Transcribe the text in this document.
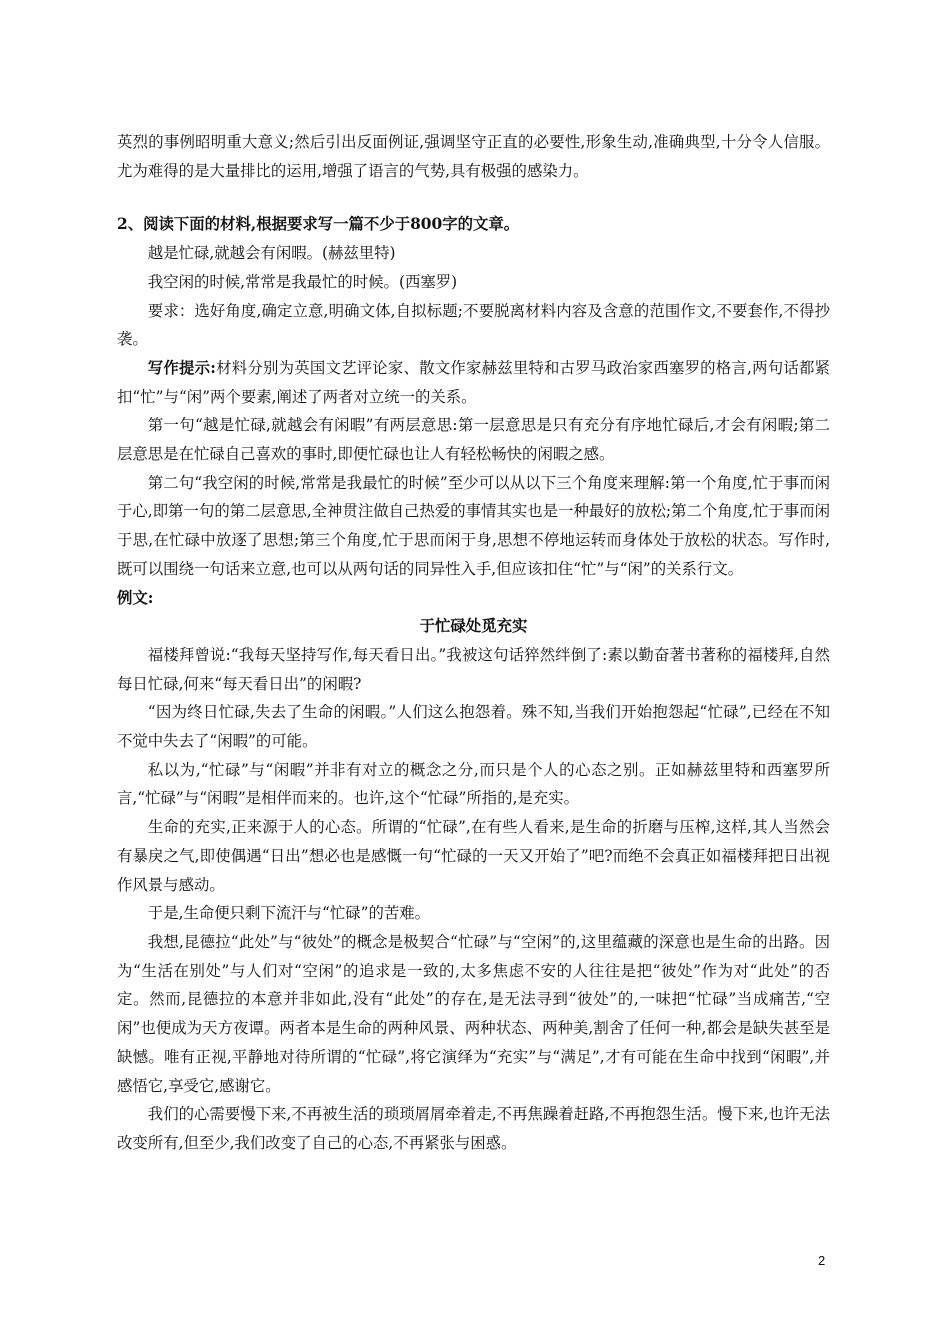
英烈的事例昭明重大意义;然后引出反面例证,强调坚守正直的必要性,形象生动,准确典型,十分令人信服。尤为难得的是大量排比的运用,增强了语言的气势,具有极强的感染力。

2、阅读下面的材料,根据要求写一篇不少于800字的文章。

越是忙碌,就越会有闲暇。(赫兹里特)

我空闲的时候,常常是我最忙的时候。(西塞罗)

要求：选好角度,确定立意,明确文体,自拟标题;不要脱离材料内容及含意的范围作文,不要套作,不得抄袭。

写作提示:材料分别为英国文艺评论家、散文作家赫兹里特和古罗马政治家西塞罗的格言,两句话都紧扣“忙”与“闲”两个要素,阐述了两者对立统一的关系。

第一句“越是忙碌,就越会有闲暇”有两层意思:第一层意思是只有充分有序地忙碌后,才会有闲暇;第二层意思是在忙碌自己喜欢的事时,即便忙碌也让人有轻松畅快的闲暇之感。

第二句“我空闲的时候,常常是我最忙的时候”至少可以从以下三个角度来理解:第一个角度,忙于事而闲于心,即第一句的第二层意思,全神贯注做自己热爱的事情其实也是一种最好的放松;第二个角度,忙于事而闲于思,在忙碌中放逐了思想;第三个角度,忙于思而闲于身,思想不停地运转而身体处于放松的状态。写作时,既可以围绕一句话来立意,也可以从两句话的同异性入手,但应该扣住“忙”与“闲”的关系行文。

例文:

于忙碌处觅充实

福楼拜曾说:“我每天坚持写作,每天看日出。”我被这句话猝然绊倒了:素以勤奋著书著称的福楼拜,自然每日忙碌,何来“每天看日出”的闲暇?

“因为终日忙碌,失去了生命的闲暇。”人们这么抱怨着。殊不知,当我们开始抱怨起“忙碌”,已经在不知不觉中失去了“闲暇”的可能。

私以为,“忙碌”与“闲暇”并非有对立的概念之分,而只是个人的心态之别。正如赫兹里特和西塞罗所言,“忙碌”与“闲暇”是相伴而来的。也许,这个“忙碌”所指的,是充实。

生命的充实,正来源于人的心态。所谓的“忙碌”,在有些人看来,是生命的折磨与压榨,这样,其人当然会有暴戾之气,即使偶遇“日出”想必也是感慨一句“忙碌的一天又开始了”吧?而绝不会真正如福楼拜把日出视作风景与感动。

于是,生命便只剩下流汗与“忙碌”的苦难。

我想,昆德拉“此处”与“彼处”的概念是极契合“忙碌”与“空闲”的,这里蕴藏的深意也是生命的出路。因为“生活在别处”与人们对“空闲”的追求是一致的,太多焦虑不安的人往往是把“彼处”作为对“此处”的否定。然而,昆德拉的本意并非如此,没有“此处”的存在,是无法寻到“彼处”的,一味把“忙碌”当成痛苦,“空闲”也便成为天方夜谭。两者本是生命的两种风景、两种状态、两种美,割舍了任何一种,都会是缺失甚至是缺憾。唯有正视,平静地对待所谓的“忙碌”,将它演绎为“充实”与“满足”,才有可能在生命中找到“闲暇”,并感悟它,享受它,感谢它。

我们的心需要慢下来,不再被生活的琐琐屑屑牵着走,不再焦躁着赶路,不再抱怨生活。慢下来,也许无法改变所有,但至少,我们改变了自己的心态,不再紧张与困惑。

2
